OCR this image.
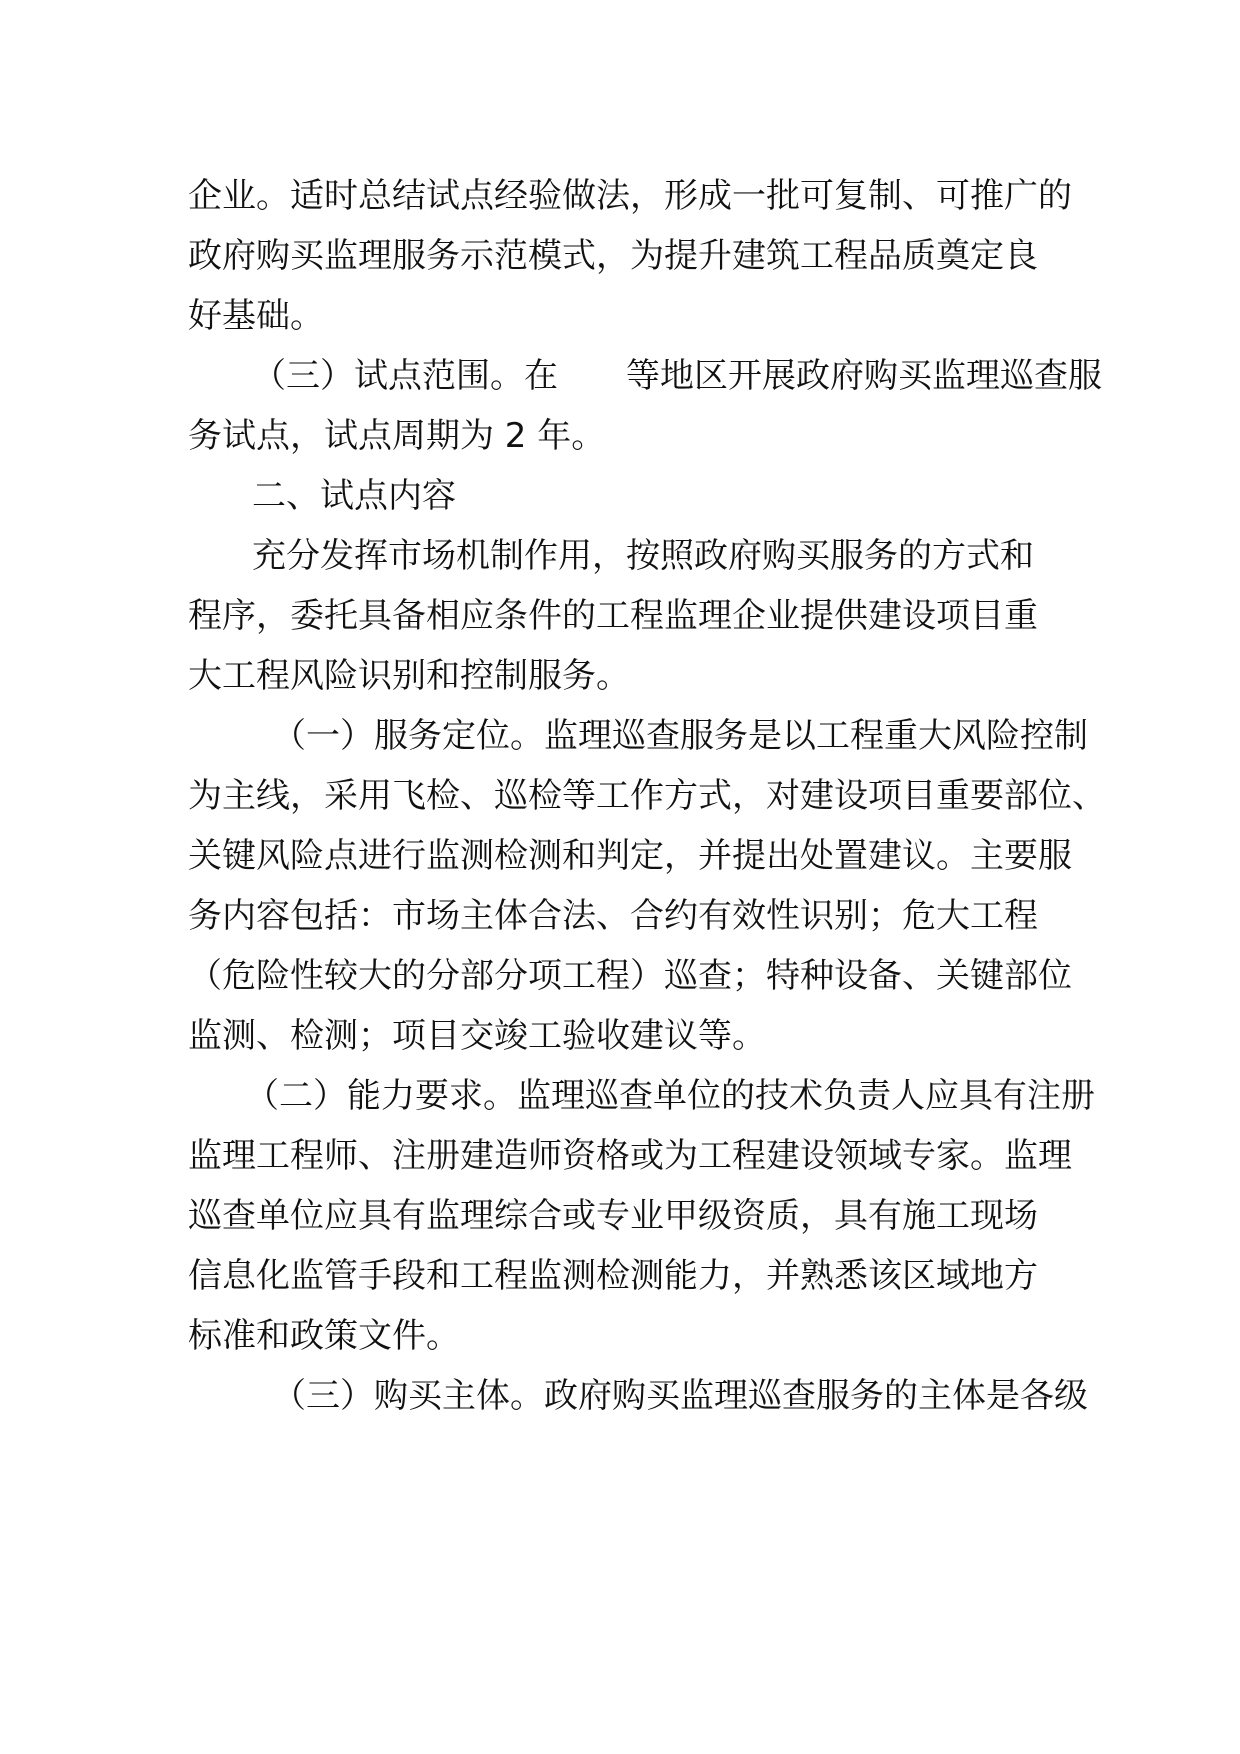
企业。适时总结试点经验做法，形成一批可复制、可推广的

政府购买监理服务示范模式，为提升建筑工程品质奠定良

好基础。

（三）试点范围。在　　等地区开展政府购买监理巡查服

务试点，试点周期为 2 年。

二、试点内容

充分发挥市场机制作用，按照政府购买服务的方式和

程序，委托具备相应条件的工程监理企业提供建设项目重

大工程风险识别和控制服务。

（一）服务定位。监理巡查服务是以工程重大风险控制

为主线，采用飞检、巡检等工作方式，对建设项目重要部位、

关键风险点进行监测检测和判定，并提出处置建议。主要服

务内容包括：市场主体合法、合约有效性识别；危大工程

（危险性较大的分部分项工程）巡查；特种设备、关键部位

监测、检测；项目交竣工验收建议等。

（二）能力要求。监理巡查单位的技术负责人应具有注册

监理工程师、注册建造师资格或为工程建设领域专家。监理

巡查单位应具有监理综合或专业甲级资质，具有施工现场

信息化监管手段和工程监测检测能力，并熟悉该区域地方

标准和政策文件。

（三）购买主体。政府购买监理巡查服务的主体是各级
